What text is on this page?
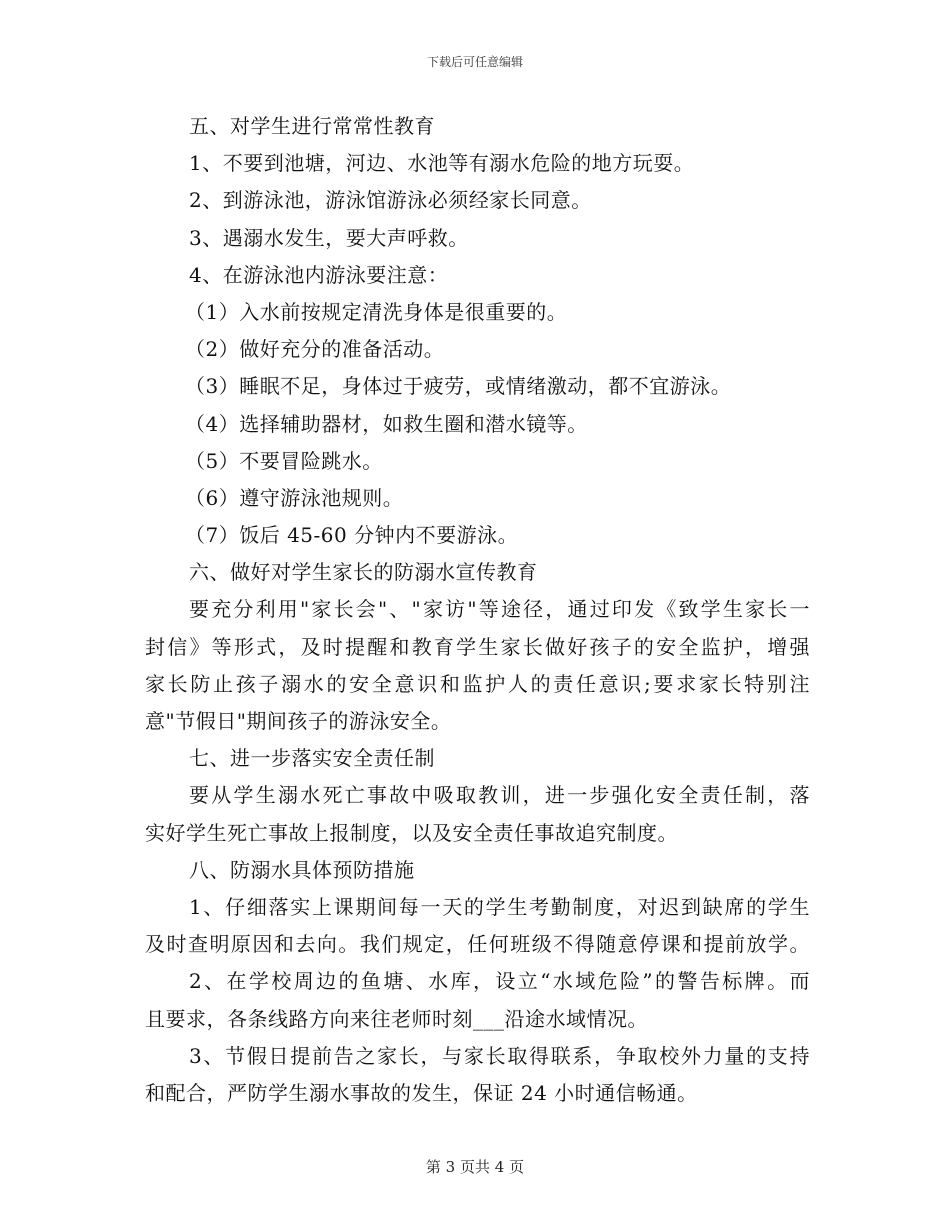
下载后可任意编辑
五、对学生进行常常性教育
1、不要到池塘，河边、水池等有溺水危险的地方玩耍。
2、到游泳池，游泳馆游泳必须经家长同意。
3、遇溺水发生，要大声呼救。
4、在游泳池内游泳要注意：
（1）入水前按规定清洗身体是很重要的。
（2）做好充分的准备活动。
（3）睡眠不足，身体过于疲劳，或情绪激动，都不宜游泳。
（4）选择辅助器材，如救生圈和潜水镜等。
（5）不要冒险跳水。
（6）遵守游泳池规则。
（7）饭后 45-60 分钟内不要游泳。
六、做好对学生家长的防溺水宣传教育
要充分利用"家长会"、"家访"等途径，通过印发《致学生家长一
封信》等形式，及时提醒和教育学生家长做好孩子的安全监护，增强
家长防止孩子溺水的安全意识和监护人的责任意识;要求家长特别注
意"节假日"期间孩子的游泳安全。
七、进一步落实安全责任制
要从学生溺水死亡事故中吸取教训，进一步强化安全责任制，落
实好学生死亡事故上报制度，以及安全责任事故追究制度。
八、防溺水具体预防措施
1、仔细落实上课期间每一天的学生考勤制度，对迟到缺席的学生
及时查明原因和去向。我们规定，任何班级不得随意停课和提前放学。
2、在学校周边的鱼塘、水库，设立“水域危险”的警告标牌。而
且要求，各条线路方向来往老师时刻___沿途水域情况。
3、节假日提前告之家长，与家长取得联系，争取校外力量的支持
和配合，严防学生溺水事故的发生，保证 24 小时通信畅通。
第 3 页共 4 页
